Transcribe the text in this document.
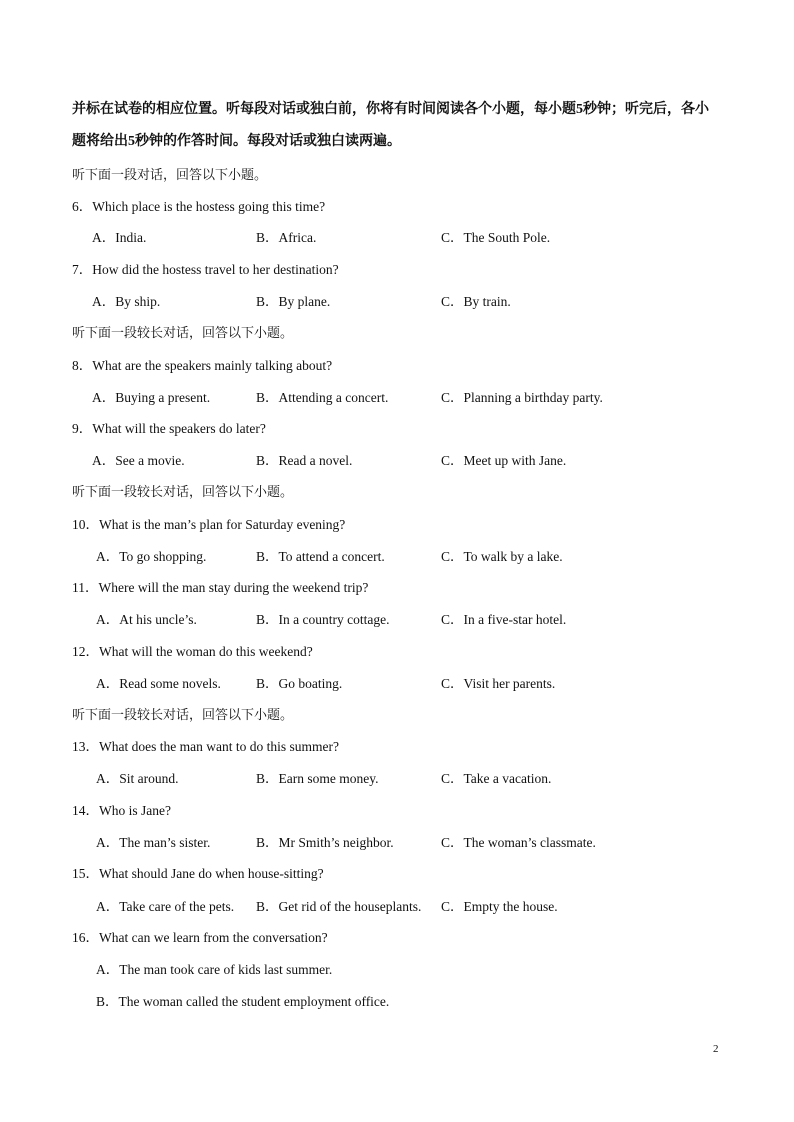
并标在试卷的相应位置。听每段对话或独白前，你将有时间阅读各个小题，每小题5秒钟；听完后，各小
题将给出5秒钟的作答时间。每段对话或独白读两遍。
听下面一段对话，回答以下小题。
6．Which place is the hostess going this time?
A．India.	B．Africa.	C．The South Pole.
7．How did the hostess travel to her destination?
A．By ship.	B．By plane.	C．By train.
听下面一段较长对话，回答以下小题。
8．What are the speakers mainly talking about?
A．Buying a present.	B．Attending a concert.	C．Planning a birthday party.
9．What will the speakers do later?
A．See a movie.	B．Read a novel.	C．Meet up with Jane.
听下面一段较长对话，回答以下小题。
10．What is the man’s plan for Saturday evening?
A．To go shopping.	B．To attend a concert.	C．To walk by a lake.
11．Where will the man stay during the weekend trip?
A．At his uncle’s.	B．In a country cottage.	C．In a five-star hotel.
12．What will the woman do this weekend?
A．Read some novels.	B．Go boating.	C．Visit her parents.
听下面一段较长对话，回答以下小题。
13．What does the man want to do this summer?
A．Sit around.	B．Earn some money.	C．Take a vacation.
14．Who is Jane?
A．The man’s sister.	B．Mr Smith’s neighbor.	C．The woman’s classmate.
15．What should Jane do when house-sitting?
A．Take care of the pets. B．Get rid of the houseplants. C．Empty the house.
16．What can we learn from the conversation?
A．The man took care of kids last summer.
B．The woman called the student employment office.
2
